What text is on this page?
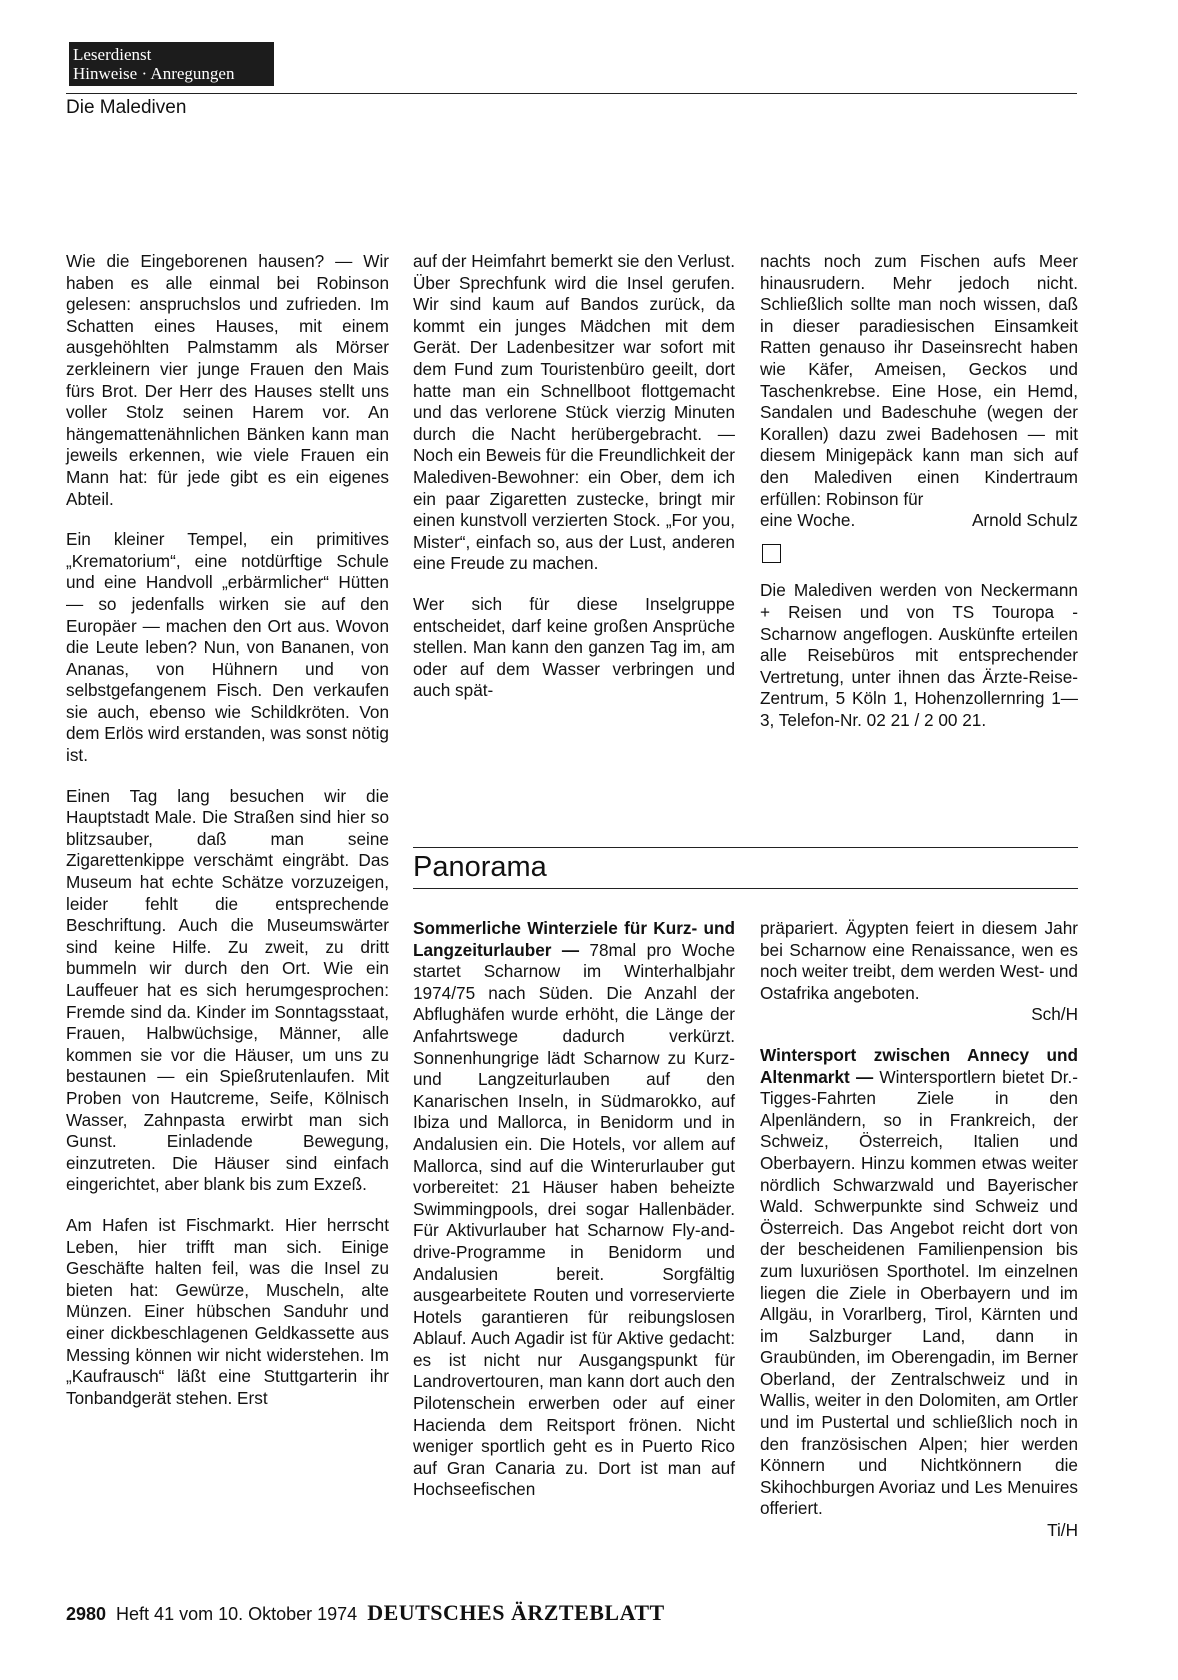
Leserdienst
Hinweise · Anregungen
Die Malediven

Wie die Eingeborenen hausen? — Wir haben es alle einmal bei Robinson gelesen: anspruchslos und zufrieden. Im Schatten eines Hauses, mit einem ausgehöhlten Palmstamm als Mörser zerkleinern vier junge Frauen den Mais fürs Brot. Der Herr des Hauses stellt uns voller Stolz seinen Harem vor. An hängemattenähnlichen Bänken kann man jeweils erkennen, wie viele Frauen ein Mann hat: für jede gibt es ein eigenes Abteil.

Ein kleiner Tempel, ein primitives „Krematorium“, eine notdürftige Schule und eine Handvoll „erbärmlicher“ Hütten — so jedenfalls wirken sie auf den Europäer — machen den Ort aus. Wovon die Leute leben? Nun, von Bananen, von Ananas, von Hühnern und von selbstgefangenem Fisch. Den verkaufen sie auch, ebenso wie Schildkröten. Von dem Erlös wird erstanden, was sonst nötig ist.

Einen Tag lang besuchen wir die Hauptstadt Male. Die Straßen sind hier so blitzsauber, daß man seine Zigarettenkippe verschämt eingräbt. Das Museum hat echte Schätze vorzuzeigen, leider fehlt die entsprechende Beschriftung. Auch die Museumswärter sind keine Hilfe. Zu zweit, zu dritt bummeln wir durch den Ort. Wie ein Lauffeuer hat es sich herumgesprochen: Fremde sind da. Kinder im Sonntagsstaat, Frauen, Halbwüchsige, Männer, alle kommen sie vor die Häuser, um uns zu bestaunen — ein Spießrutenlaufen. Mit Proben von Hautcreme, Seife, Kölnisch Wasser, Zahnpasta erwirbt man sich Gunst. Einladende Bewegung, einzutreten. Die Häuser sind einfach eingerichtet, aber blank bis zum Exzeß.

Am Hafen ist Fischmarkt. Hier herrscht Leben, hier trifft man sich. Einige Geschäfte halten feil, was die Insel zu bieten hat: Gewürze, Muscheln, alte Münzen. Einer hübschen Sanduhr und einer dickbeschlagenen Geldkassette aus Messing können wir nicht widerstehen. Im „Kaufrausch“ läßt eine Stuttgarterin ihr Tonbandgerät stehen. Erst

auf der Heimfahrt bemerkt sie den Verlust. Über Sprechfunk wird die Insel gerufen. Wir sind kaum auf Bandos zurück, da kommt ein junges Mädchen mit dem Gerät. Der Ladenbesitzer war sofort mit dem Fund zum Touristenbüro geeilt, dort hatte man ein Schnellboot flottgemacht und das verlorene Stück vierzig Minuten durch die Nacht herübergebracht. — Noch ein Beweis für die Freundlichkeit der Malediven-Bewohner: ein Ober, dem ich ein paar Zigaretten zustecke, bringt mir einen kunstvoll verzierten Stock. „For you, Mister“, einfach so, aus der Lust, anderen eine Freude zu machen.

Wer sich für diese Inselgruppe entscheidet, darf keine großen Ansprüche stellen. Man kann den ganzen Tag im, am oder auf dem Wasser verbringen und auch spät-

nachts noch zum Fischen aufs Meer hinausrudern. Mehr jedoch nicht. Schließlich sollte man noch wissen, daß in dieser paradiesischen Einsamkeit Ratten genauso ihr Daseinsrecht haben wie Käfer, Ameisen, Geckos und Taschenkrebse. Eine Hose, ein Hemd, Sandalen und Badeschuhe (wegen der Korallen) dazu zwei Badehosen — mit diesem Minigepäck kann man sich auf den Malediven einen Kindertraum erfüllen: Robinson für

eine Woche.	Arnold Schulz

Die Malediven werden von Neckermann + Reisen und von TS Touropa - Scharnow angeflogen. Auskünfte erteilen alle Reisebüros mit entsprechender Vertretung, unter ihnen das Ärzte-Reise-Zentrum, 5 Köln 1, Hohenzollernring 1—3, Telefon-Nr. 02 21 / 2 00 21.

Panorama

Sommerliche Winterziele für Kurz- und Langzeiturlauber — 78mal pro Woche startet Scharnow im Winterhalbjahr 1974/75 nach Süden. Die Anzahl der Abflughäfen wurde erhöht, die Länge der Anfahrtswege dadurch verkürzt. Sonnenhungrige lädt Scharnow zu Kurz- und Langzeiturlauben auf den Kanarischen Inseln, in Südmarokko, auf Ibiza und Mallorca, in Benidorm und in Andalusien ein. Die Hotels, vor allem auf Mallorca, sind auf die Winterurlauber gut vorbereitet: 21 Häuser haben beheizte Swimmingpools, drei sogar Hallenbäder. Für Aktivurlauber hat Scharnow Fly-and-drive-Programme in Benidorm und Andalusien bereit. Sorgfältig ausgearbeitete Routen und vorreservierte Hotels garantieren für reibungslosen Ablauf. Auch Agadir ist für Aktive gedacht: es ist nicht nur Ausgangspunkt für Landrovertouren, man kann dort auch den Pilotenschein erwerben oder auf einer Hacienda dem Reitsport frönen. Nicht weniger sportlich geht es in Puerto Rico auf Gran Canaria zu. Dort ist man auf Hochseefischen

präpariert. Ägypten feiert in diesem Jahr bei Scharnow eine Renaissance, wen es noch weiter treibt, dem werden West- und Ostafrika angeboten.

Sch/H

Wintersport zwischen Annecy und Altenmarkt — Wintersportlern bietet Dr.-Tigges-Fahrten Ziele in den Alpenländern, so in Frankreich, der Schweiz, Österreich, Italien und Oberbayern. Hinzu kommen etwas weiter nördlich Schwarzwald und Bayerischer Wald. Schwerpunkte sind Schweiz und Österreich. Das Angebot reicht dort von der bescheidenen Familienpension bis zum luxuriösen Sporthotel. Im einzelnen liegen die Ziele in Oberbayern und im Allgäu, in Vorarlberg, Tirol, Kärnten und im Salzburger Land, dann in Graubünden, im Oberengadin, im Berner Oberland, der Zentralschweiz und in Wallis, weiter in den Dolomiten, am Ortler und im Pustertal und schließlich noch in den französischen Alpen; hier werden Könnern und Nichtkönnern die Skihochburgen Avoriaz und Les Menuires offeriert.

Ti/H
2980 Heft 41 vom 10. Oktober 1974 DEUTSCHES ÄRZTEBLATT
